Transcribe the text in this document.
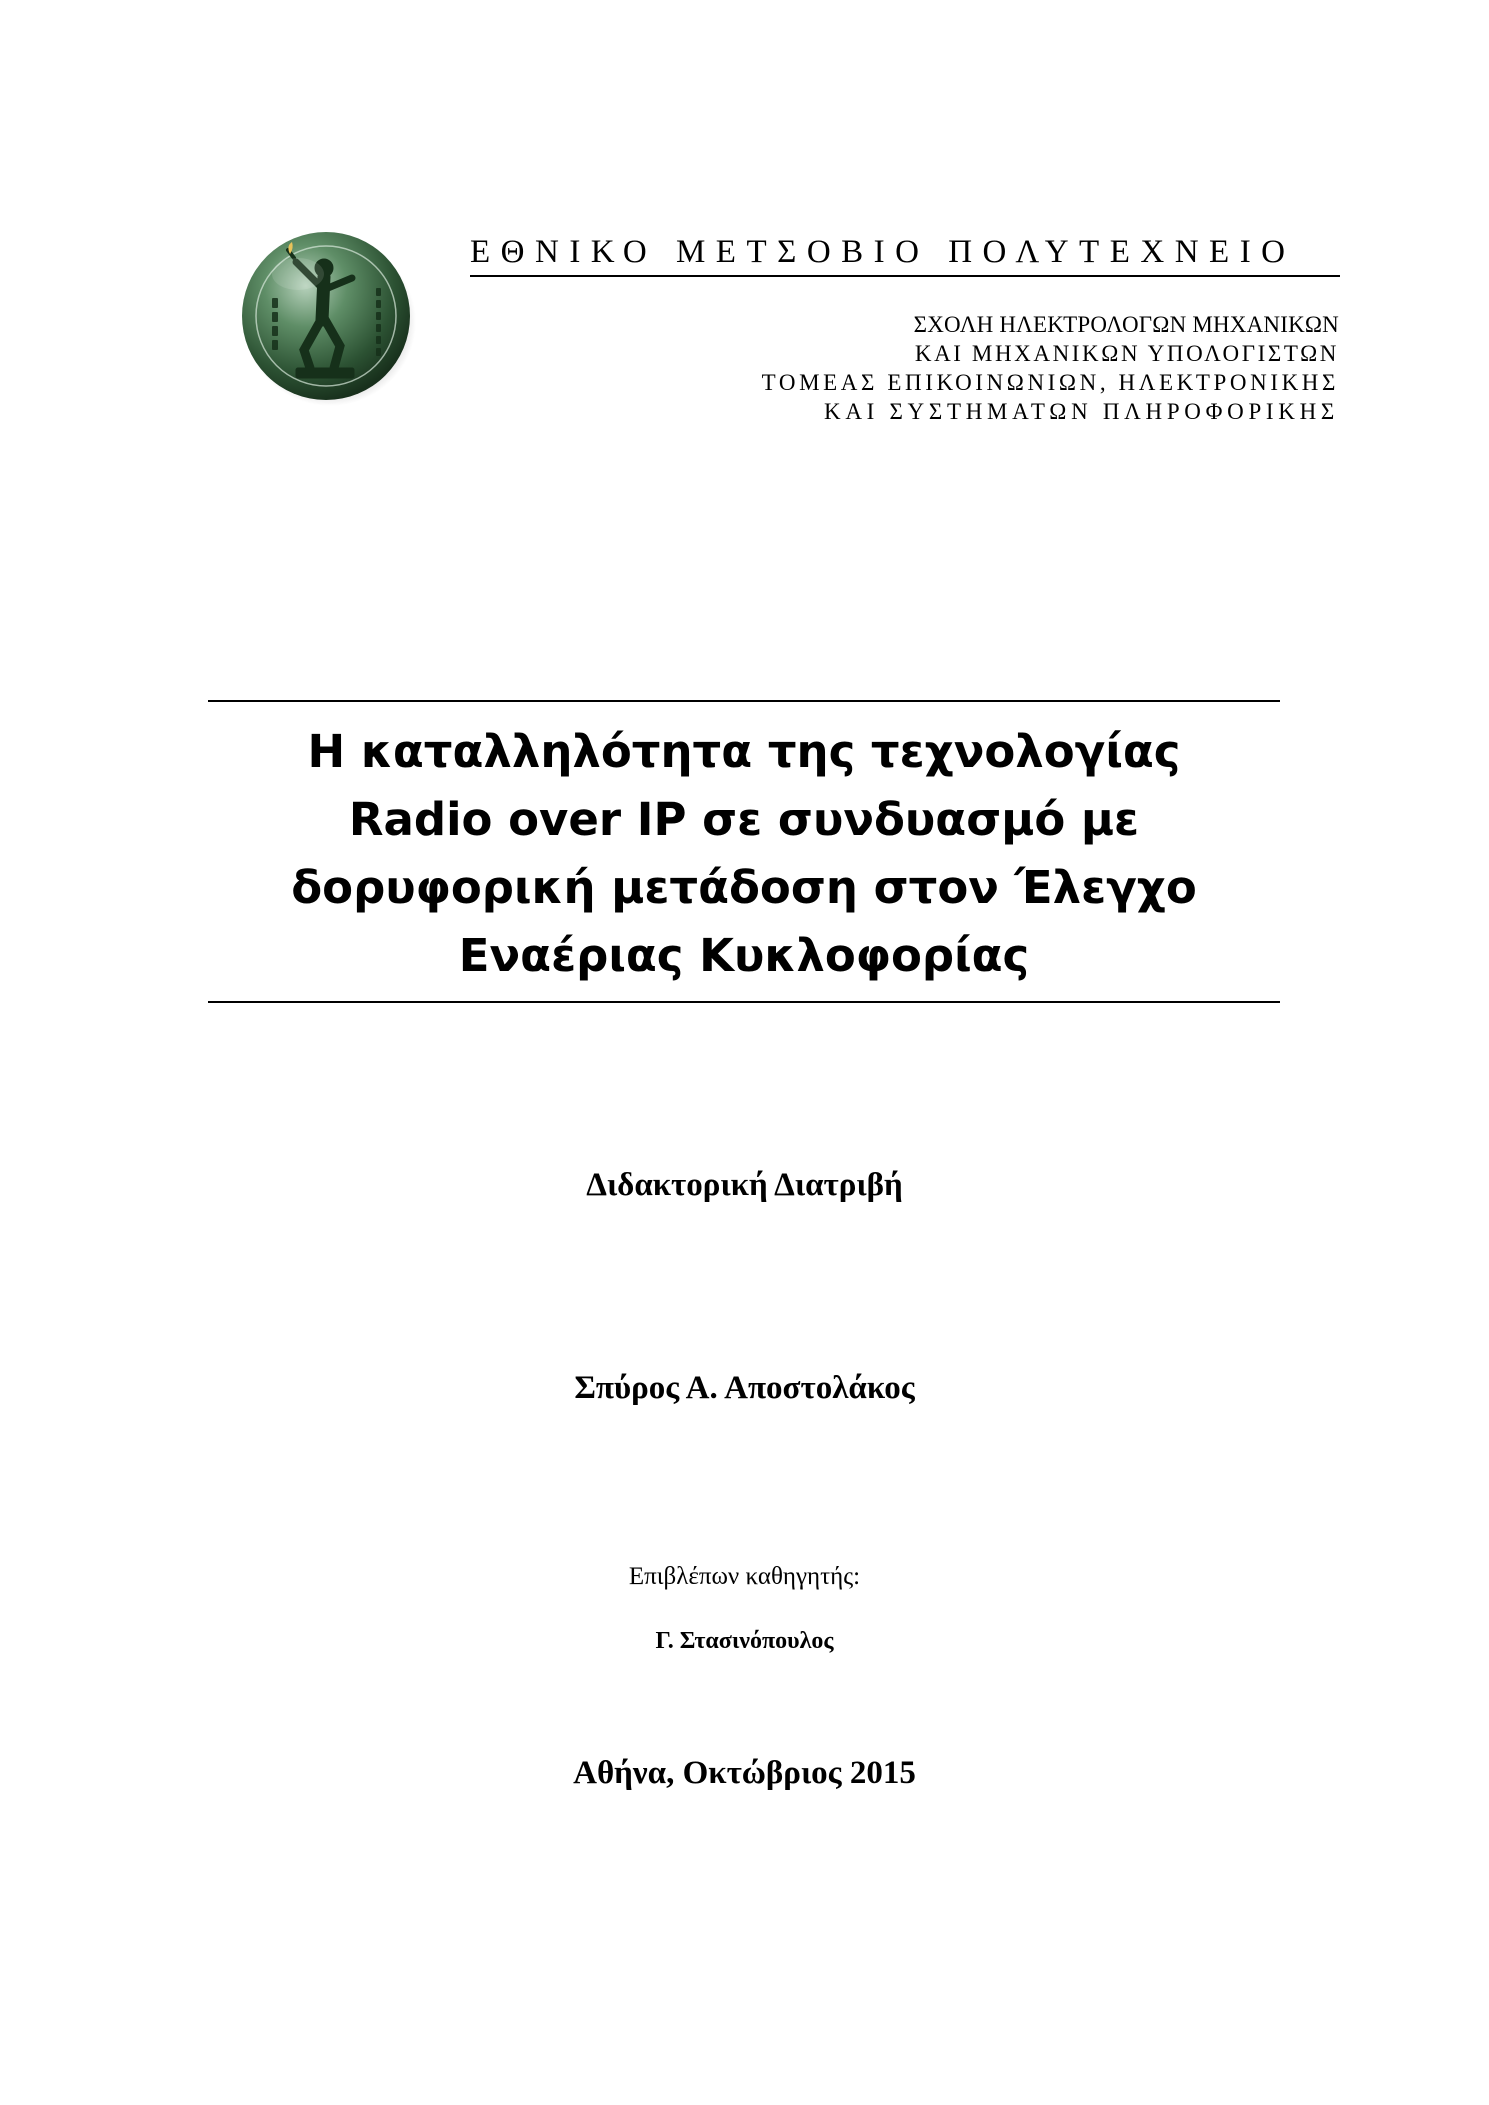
ΕΘΝΙΚΟ ΜΕΤΣΟΒΙΟ ΠΟΛΥΤΕΧΝΕΙΟ
ΣΧΟΛΗ ΗΛΕΚΤΡΟΛΟΓΩΝ ΜΗΧΑΝΙΚΩΝ
ΚΑΙ ΜΗΧΑΝΙΚΩΝ ΥΠΟΛΟΓΙΣΤΩΝ
ΤΟΜΕΑΣ ΕΠΙΚΟΙΝΩΝΙΩΝ, ΗΛΕΚΤΡΟΝΙΚΗΣ
ΚΑΙ ΣΥΣΤΗΜΑΤΩΝ ΠΛΗΡΟΦΟΡΙΚΗΣ
Η καταλληλότητα της τεχνολογίας
Radio over IP σε συνδυασμό με
δορυφορική μετάδοση στον Έλεγχο
Εναέριας Κυκλοφορίας
Διδακτορική Διατριβή
Σπύρος Α. Αποστολάκος
Επιβλέπων καθηγητής:
Γ. Στασινόπουλος
Αθήνα, Οκτώβριος 2015
